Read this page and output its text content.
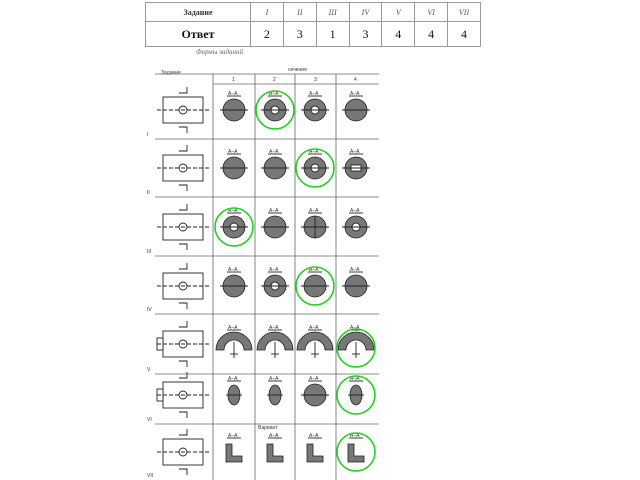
Задание	I	II	III	IV	V	VI	VII
Ответ	2	3	1	3	4	4	4
Формы заданий
Задание	сечения
1	2	3	4
I
A–A	A–A	A–A	A–A
II
A–A	A–A	A–A	A–A
III
A–A	A–A	A–A	A–A
IV
A–A	A–A	A–A	A–A
V
A–A	A–A	A–A	A–A
VI
A–A	A–A	A–A	A–A
VII
A–A	A–A	A–A	A–A
Вариант
